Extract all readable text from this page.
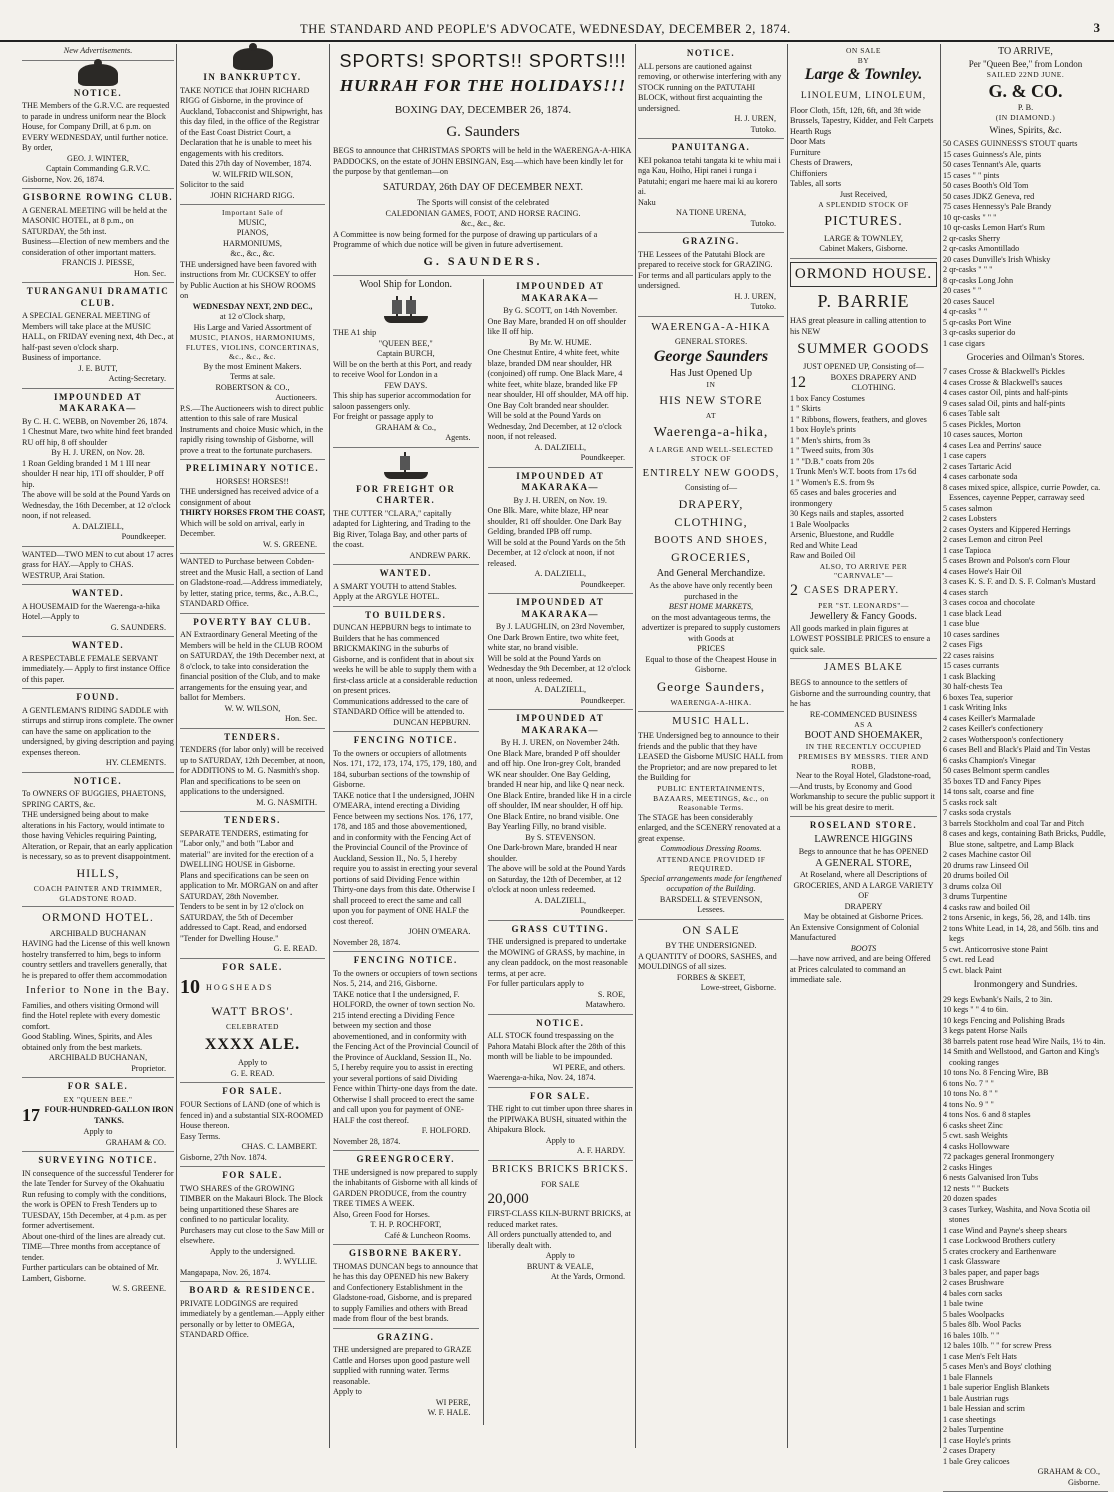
THE STANDARD AND PEOPLE'S ADVOCATE, WEDNESDAY, DECEMBER 2, 1874.	3
New Advertisements.
NOTICE.
THE Members of the G.R.V.C. are requested to parade in undress uniform near the Block House, for Company Drill, at 6 p.m. on EVERY WEDNESDAY, until further notice.
By order,
GEO. J. WINTER,
Captain Commanding G.R.V.C.
Gisborne, Nov. 26, 1874.
GISBORNE ROWING CLUB.
A GENERAL MEETING will be held at the MASONIC HOTEL, at 8 p.m., on SATURDAY, the 5th inst.
Business—Election of new members and the consideration of other important matters.
FRANCIS J. PIESSE,
Hon. Sec.
TURANGANUI DRAMATIC CLUB.
A SPECIAL GENERAL MEETING of Members will take place at the MUSIC HALL, on FRIDAY evening next, 4th Dec., at half-past seven o'clock sharp.
Business of importance.
J. E. BUTT,
Acting-Secretary.
IMPOUNDED AT MAKARAKA—
By C. H. C. WEBB, on November 26, 1874.
1 Chestnut Mare, two white hind feet branded RU off hip, 8 off shoulder
By H. J. UREN, on Nov. 28.
1 Roan Gelding branded 1 M 1 III near shoulder H near hip, 1TI off shoulder, P off hip.
The above will be sold at the Pound Yards on Wednesday, the 16th December, at 12 o'clock noon, if not released.
A. DALZIELL,
Poundkeeper.
WANTED—TWO MEN to cut about 17 acres grass for HAY.—Apply to CHAS. WESTRUP, Arai Station.
WANTED.
A HOUSEMAID for the Waerenga-a-hika Hotel.—Apply to
G. SAUNDERS.
WANTED.
A RESPECTABLE FEMALE SERVANT immediately.— Apply to first instance Office of this paper.
FOUND.
A GENTLEMAN'S RIDING SADDLE with stirrups and stirrup irons complete. The owner can have the same on application to the undersigned, by giving description and paying expenses thereon.
HY. CLEMENTS.
NOTICE.
To OWNERS OF BUGGIES, PHAETONS, SPRING CARTS, &c.
THE undersigned being about to make alterations in his Factory, would intimate to those having Vehicles requiring Painting, Alteration, or Repair, that an early application is necessary, so as to prevent disappointment.
HILLS,
COACH PAINTER AND TRIMMER, GLADSTONE ROAD.
ORMOND HOTEL.
ARCHIBALD BUCHANAN
HAVING had the License of this well known hostelry transferred to him, begs to inform country settlers and travellers generally, that he is prepared to offer them accommodation
Inferior to None in the Bay.
Families, and others visiting Ormond will find the Hotel replete with every domestic comfort.
Good Stabling. Wines, Spirits, and Ales obtained only from the best markets.
ARCHIBALD BUCHANAN,
Proprietor.
FOR SALE.
EX "QUEEN BEE."
17 FOUR-HUNDRED-GALLON IRON TANKS.
Apply to
GRAHAM & CO.
SURVEYING NOTICE.
IN consequence of the successful Tenderer for the late Tender for Survey of the Okahuatiu Run refusing to comply with the conditions, the work is OPEN to Fresh Tenders up to TUESDAY, 15th December, at 4 p.m. as per former advertisement.
About one-third of the lines are already cut.
TIME—Three months from acceptance of tender.
Further particulars can be obtained of Mr. Lambert, Gisborne.
W. S. GREENE.
IN BANKRUPTCY.
TAKE NOTICE that JOHN RICHARD RIGG of Gisborne, in the province of Auckland, Tobacconist and Shipwright, has this day filed, in the office of the Registrar of the East Coast District Court, a Declaration that he is unable to meet his engagements with his creditors.
Dated this 27th day of November, 1874.
W. WILFRID WILSON,
Solicitor to the said
JOHN RICHARD RIGG.
Important Sale of
MUSIC,
PIANOS,
HARMONIUMS,
&c., &c., &c.
THE undersigned have been favored with instructions from Mr. CUCKSEY to offer by Public Auction at his SHOW ROOMS on
WEDNESDAY NEXT, 2ND DEC.,
at 12 o'Clock sharp,
His Large and Varied Assortment of
MUSIC, PIANOS, HARMONIUMS, FLUTES, VIOLINS, CONCERTINAS, &c., &c., &c.
By the most Eminent Makers.
Terms at sale.
ROBERTSON & CO.,
Auctioneers.
P.S.—The Auctioneers wish to direct public attention to this sale of rare Musical Instruments and choice Music which, in the rapidly rising township of Gisborne, will prove a treat to the fortunate purchasers.
PRELIMINARY NOTICE.
HORSES! HORSES!!
THE undersigned has received advice of a consignment of about
THIRTY HORSES FROM THE COAST,
Which will be sold on arrival, early in December.
W. S. GREENE.
WANTED to Purchase between Cobden-street and the Music Hall, a section of Land on Gladstone-road.—Address immediately, by letter, stating price, terms, &c., A.B.C., STANDARD Office.
POVERTY BAY CLUB.
AN Extraordinary General Meeting of the Members will be held in the CLUB ROOM on SATURDAY, the 19th December next, at 8 o'clock, to take into consideration the financial position of the Club, and to make arrangements for the ensuing year, and ballot for Members.
W. W. WILSON,
Hon. Sec.
TENDERS.
TENDERS (for labor only) will be received up to SATURDAY, 12th December, at noon, for ADDITIONS to M. G. Nasmith's shop.
Plan and specifications to be seen on applications to the undersigned.
M. G. NASMITH.
TENDERS.
SEPARATE TENDERS, estimating for "Labor only," and both "Labor and material" are invited for the erection of a DWELLING HOUSE in Gisborne.
Plans and specifications can be seen on application to Mr. MORGAN on and after SATURDAY, 28th November.
Tenders to be sent in by 12 o'clock on SATURDAY, the 5th of December addressed to Capt. Read, and endorsed "Tender for Dwelling House."
G. E. READ.
FOR SALE.
10 HOGSHEADS
WATT BROS'.
CELEBRATED
XXXX ALE.
Apply to
G. E. READ.
FOR SALE.
FOUR Sections of LAND (one of which is fenced in) and a substantial SIX-ROOMED House thereon.
Easy Terms.
CHAS. C. LAMBERT.
Gisborne, 27th Nov. 1874.
FOR SALE.
TWO SHARES of the GROWING TIMBER on the Makauri Block. The Block being unpartitioned these Shares are confined to no particular locality. Purchasers may cut close to the Saw Mill or elsewhere.
Apply to the undersigned.
J. WYLLIE.
Mangapapa, Nov. 26, 1874.
BOARD & RESIDENCE.
PRIVATE LODGINGS are required immediately by a gentleman.—Apply either personally or by letter to OMEGA, STANDARD Office.
SPORTS! SPORTS!! SPORTS!!!
HURRAH FOR THE HOLIDAYS!!!
BOXING DAY, DECEMBER 26, 1874.
G. Saunders
BEGS to announce that CHRISTMAS SPORTS will be held in the WAERENGA-A-HIKA PADDOCKS, on the estate of JOHN EBSINGAN, Esq.—which have been kindly let for the purpose by that gentleman—on
SATURDAY, 26th DAY OF DECEMBER NEXT.
The Sports will consist of the celebrated
CALEDONIAN GAMES, FOOT, AND HORSE RACING.
&c., &c., &c.
A Committee is now being formed for the purpose of drawing up particulars of a Programme of which due notice will be given in future advertisement.
G. SAUNDERS.
Wool Ship for London.
THE A1 ship
"QUEEN BEE,"
Captain BURCH,
Will be on the berth at this Port, and ready to receive Wool for London in a
FEW DAYS.
This ship has superior accommodation for saloon passengers only.
For freight or passage apply to
GRAHAM & Co.,
Agents.
FOR FREIGHT OR CHARTER.
THE CUTTER "CLARA," capitally adapted for Lightering, and Trading to the Big River, Tolaga Bay, and other parts of the coast.
ANDREW PARK.
WANTED.
A SMART YOUTH to attend Stables. Apply at the ARGYLE HOTEL.
TO BUILDERS.
DUNCAN HEPBURN begs to intimate to Builders that he has commenced BRICKMAKING in the suburbs of Gisborne, and is confident that in about six weeks he will be able to supply them with a first-class article at a considerable reduction on present prices.
Communications addressed to the care of STANDARD Office will be attended to.
DUNCAN HEPBURN.
FENCING NOTICE.
To the owners or occupiers of allotments Nos. 171, 172, 173, 174, 175, 179, 180, and 184, suburban sections of the township of Gisborne.
TAKE notice that I the undersigned, JOHN O'MEARA, intend erecting a Dividing Fence between my sections Nos. 176, 177, 178, and 185 and those abovementioned, and in conformity with the Fencing Act of the Provincial Council of the Province of Auckland, Session II., No. 5, I hereby require you to assist in erecting your several portions of said Dividing Fence within Thirty-one days from this date. Otherwise I shall proceed to erect the same and call upon you for payment of ONE HALF the cost thereof.
JOHN O'MEARA.
November 28, 1874.
FENCING NOTICE.
To the owners or occupiers of town sections Nos. 5, 214, and 216, Gisborne.
TAKE notice that I the undersigned, F. HOLFORD, the owner of town section No. 215 intend erecting a Dividing Fence between my section and those abovementioned, and in conformity with the Fencing Act of the Provincial Council of the Province of Auckland, Session II., No. 5, I hereby require you to assist in erecting your several portions of said Dividing Fence within Thirty-one days from the date. Otherwise I shall proceed to erect the same and call upon you for payment of ONE-HALF the cost thereof.
F. HOLFORD.
November 28, 1874.
GREENGROCERY.
THE undersigned is now prepared to supply the inhabitants of Gisborne with all kinds of GARDEN PRODUCE, from the country TREE TIMES A WEEK.
Also, Green Food for Horses.
T. H. P. ROCHFORT,
Café & Luncheon Rooms.
GISBORNE BAKERY.
THOMAS DUNCAN begs to announce that he has this day OPENED his new Bakery and Confectionery Establishment in the Gladstone-road, Gisborne, and is prepared to supply Families and others with Bread made from flour of the best brands.
GRAZING.
THE undersigned are prepared to GRAZE Cattle and Horses upon good pasture well supplied with running water. Terms reasonable.
Apply to
WI PERE,
W. F. HALE.
IMPOUNDED AT MAKARAKA—
By G. SCOTT, on 14th November.
One Bay Mare, branded H on off shoulder like II off hip.
By Mr. W. HUME.
One Chestnut Entire, 4 white feet, white blaze, branded DM near shoulder, HR (conjoined) off rump. One Black Mare, 4 white feet, white blaze, branded like FP near shoulder, HI off shoulder, MA off hip. One Bay Colt branded near shoulder.
Will be sold at the Pound Yards on Wednesday, 2nd December, at 12 o'clock noon, if not released.
A. DALZIELL,
Poundkeeper.
IMPOUNDED AT MAKARAKA—
By J. H. UREN, on Nov. 19.
One Blk. Mare, white blaze, HP near shoulder, R1 off shoulder. One Dark Bay Gelding, branded IPB off rump.
Will be sold at the Pound Yards on the 5th December, at 12 o'clock at noon, if not released.
A. DALZIELL,
Poundkeeper.
IMPOUNDED AT MAKARAKA—
By J. LAUGHLIN, on 23rd November,
One Dark Brown Entire, two white feet, white star, no brand visible.
Will be sold at the Pound Yards on Wednesday the 9th December, at 12 o'clock at noon, unless redeemed.
A. DALZIELL,
Poundkeeper.
IMPOUNDED AT MAKARAKA—
By H. J. UREN, on November 24th.
One Black Mare, branded P off shoulder and off hip. One Iron-grey Colt, branded WK near shoulder. One Bay Gelding, branded H near hip, and like Q near neck. One Black Entire, branded like H in a circle off shoulder, IM near shoulder, H off hip. One Black Entire, no brand visible. One Bay Yearling Filly, no brand visible.
By S. STEVENSON.
One Dark-brown Mare, branded H near shoulder.
The above will be sold at the Pound Yards on Saturday, the 12th of December, at 12 o'clock at noon unless redeemed.
A. DALZIELL,
Poundkeeper.
GRASS CUTTING.
THE undersigned is prepared to undertake the MOWING of GRASS, by machine, in any clean paddock, on the most reasonable terms, at per acre.
For fuller particulars apply to
S. ROE,
Matawhero.
NOTICE.
ALL STOCK found trespassing on the Pahora Matahi Block after the 28th of this month will be liable to be impounded.
WI PERE, and others.
Waerenga-a-hika, Nov. 24, 1874.
FOR SALE.
THE right to cut timber upon three shares in the PIPIWAKA BUSH, situated within the Ahipakura Block.
Apply to
A. F. HARDY.
BRICKS BRICKS BRICKS.
FOR SALE
20,000
FIRST-CLASS KILN-BURNT BRICKS, at reduced market rates.
All orders punctually attended to, and liberally dealt with.
Apply to
BRUNT & VEALE,
At the Yards, Ormond.
NOTICE.
ALL persons are cautioned against removing, or otherwise interfering with any STOCK running on the PATUTAHI BLOCK, without first acquainting the undersigned.
H. J. UREN,
Tutoko.
PANUITANGA.
KEI pokanoa tetahi tangata ki te whiu mai i nga Kau, Hoiho, Hipi ranei i runga i Patutahi; engari me haere mai ki au korero ai.
Naku
NA TIONE URENA,
Tutoko.
GRAZING.
THE Lessees of the Patutahi Block are prepared to receive stock for GRAZING. For terms and all particulars apply to the undersigned.
H. J. UREN,
Tutoko.
WAERENGA-A-HIKA
GENERAL STORES.
George Saunders
Has Just Opened Up
IN
HIS NEW STORE
AT
Waerenga-a-hika,
A LARGE AND WELL-SELECTED
STOCK OF
ENTIRELY NEW GOODS,
Consisting of—
DRAPERY,
CLOTHING,
BOOTS AND SHOES,
GROCERIES,
And General Merchandize.
As the above have only recently been purchased in the
BEST HOME MARKETS,
on the most advantageous terms, the advertizer is prepared to supply customers with Goods at
PRICES
Equal to those of the Cheapest House in Gisborne.
George Saunders,
WAERENGA-A-HIKA.
MUSIC HALL.
THE Undersigned beg to announce to their friends and the public that they have LEASED the Gisborne MUSIC HALL from the Proprietor; and are now prepared to let the Building for
PUBLIC ENTERTAINMENTS, BAZAARS, MEETINGS, &c., on Reasonable Terms.
The STAGE has been considerably enlarged, and the SCENERY renovated at a great expense.
Commodious Dressing Rooms.
ATTENDANCE PROVIDED IF REQUIRED.
Special arrangements made for lengthened occupation of the Building.
BARSDELL & STEVENSON,
Lessees.
ON SALE
BY THE UNDERSIGNED.
A QUANTITY of DOORS, SASHES, and MOULDINGS of all sizes.
FORBES & SKEET,
Lowe-street, Gisborne.
ON SALE
BY
Large & Townley.
LINOLEUM, LINOLEUM,
Floor Cloth, 15ft, 12ft, 6ft, and 3ft wide
Brussels, Tapestry, Kidder, and Felt Carpets
Hearth Rugs
Door Mats
Furniture
Chests of Drawers,
Chiffoniers
Tables, all sorts
Just Received,
A SPLENDID STOCK OF
PICTURES.
LARGE & TOWNLEY,
Cabinet Makers, Gisborne.
ORMOND HOUSE.
P. BARRIE
HAS great pleasure in calling attention to his NEW
SUMMER GOODS
JUST OPENED UP, Consisting of—
12	BOXES DRAPERY AND CLOTHING.
1 box Fancy Costumes
1 " Skirts
1 " Ribbons, flowers, feathers, and gloves
1 box Hoyle's prints
1 " Men's shirts, from 3s
1 " Tweed suits, from 30s
1 " "D.B." coats from 20s
1 Trunk Men's W.T. boots from 17s 6d
1 " Women's E.S. from 9s
65 cases and bales groceries and ironmongery
30 Kegs nails and staples, assorted
1 Bale Woolpacks
Arsenic, Bluestone, and Ruddle
Red and White Lead
Raw and Boiled Oil
ALSO, TO ARRIVE PER "CARNVALE"—
2 CASES DRAPERY.
PER "ST. LEONARDS"—
Jewellery & Fancy Goods.
All goods marked in plain figures at LOWEST POSSIBLE PRICES to ensure a quick sale.
JAMES BLAKE
BEGS to announce to the settlers of Gisborne and the surrounding country, that he has
RE-COMMENCED BUSINESS
AS A
BOOT AND SHOEMAKER,
IN THE RECENTLY OCCUPIED PREMISES BY MESSRS. TIER AND ROBB,
Near to the Royal Hotel, Gladstone-road,
—And trusts, by Economy and Good Workmanship to secure the public support it will be his great desire to merit.
ROSELAND STORE.
LAWRENCE HIGGINS
Begs to announce that he has OPENED
A GENERAL STORE,
At Roseland, where all Descriptions of GROCERIES, AND A LARGE VARIETY OF
DRAPERY
May be obtained at Gisborne Prices.
An Extensive Consignment of Colonial Manufactured
BOOTS
—have now arrived, and are being Offered at Prices calculated to command an immediate sale.
TO ARRIVE,
Per "Queen Bee," from London
SAILED 22ND JUNE.
G. & CO.
P. B.
(IN DIAMOND.)
Wines, Spirits, &c.
50 CASES GUINNESS'S STOUT quarts
15 cases Guinness's Ale, pints
50 cases Tennant's Ale, quarts
15 cases " " pints
50 cases Booth's Old Tom
50 cases JDKZ Geneva, red
75 cases Hennessy's Pale Brandy
10 qr-casks " " "
10 qr-casks Lemon Hart's Rum
2 qr-casks Sherry
2 qr-casks Amontillado
20 cases Dunville's Irish Whisky
2 qr-casks " " "
8 qr-casks Long John
20 cases " "
20 cases Saucel
4 qr-casks " "
5 qr-casks Port Wine
3 qr-casks superior do
1 case cigars
Groceries and Oilman's Stores.
7 cases Crosse & Blackwell's Pickles
4 cases Crosse & Blackwell's sauces
4 cases castor Oil, pints and half-pints
9 cases salad Oil, pints and half-pints
6 cases Table salt
5 cases Pickles, Morton
10 cases sauces, Morton
4 cases Lea and Perrins' sauce
1 case capers
2 cases Tartaric Acid
4 cases carbonate soda
8 cases mixed spice, allspice, currie Powder, ca. Essences, cayenne Pepper, carraway seed
5 cases salmon
2 cases Lobsters
2 cases Oysters and Kippered Herrings
2 cases Lemon and citron Peel
1 case Tapioca
5 cases Brown and Polson's corn Flour
4 cases Howe's Hair Oil
3 cases K. S. F. and D. S. F. Colman's Mustard
4 cases starch
3 cases cocoa and chocolate
1 case black Lead
1 case blue
10 cases sardines
2 cases Figs
22 cases raisins
15 cases currants
1 cask Blacking
30 half-chests Tea
6 boxes Tea, superior
1 cask Writing Inks
4 cases Keiller's Marmalade
2 cases Keiller's confectionery
2 cases Wotherspoon's confectionery
6 cases Bell and Black's Plaid and Tin Vestas
6 casks Champion's Vinegar
50 cases Belmont sperm candles
35 boxes TD and Fancy Pipes
14 tons salt, coarse and fine
5 casks rock salt
7 casks soda crystals
3 barrels Stockholm and coal Tar and Pitch
8 cases and kegs, containing Bath Bricks, Puddle, Blue stone, saltpetre, and Lamp Black
2 cases Machine castor Oil
20 drums raw Linseed Oil
20 drums boiled Oil
3 drums colza Oil
3 drums Turpentine
4 casks raw and boiled Oil
2 tons Arsenic, in kegs, 56, 28, and 14lb. tins
2 tons White Lead, in 14, 28, and 56lb. tins and kegs
5 cwt. Anticorrosive stone Paint
5 cwt. red Lead
5 cwt. black Paint
Ironmongery and Sundries.
29 kegs Ewbank's Nails, 2 to 3in.
10 kegs " " 4 to 6in.
10 kegs Fencing and Polishing Brads
3 kegs patent Horse Nails
38 barrels patent rose head Wire Nails, 1½ to 4in.
14 Smith and Wellstood, and Garton and King's cooking ranges
10 tons No. 8 Fencing Wire, BB
6 tons No. 7 " "
10 tons No. 8 " "
4 tons No. 9 " "
4 tons Nos. 6 and 8 staples
6 casks sheet Zinc
5 cwt. sash Weights
4 casks Hollowware
72 packages general Ironmongery
2 casks Hinges
6 nests Galvanised Iron Tubs
12 nests " " Buckets
20 dozen spades
3 cases Turkey, Washita, and Nova Scotia oil stones
1 case Wind and Payne's sheep shears
1 case Lockwood Brothers cutlery
5 crates crockery and Earthenware
1 cask Glassware
3 bales paper, and paper bags
2 cases Brushware
4 bales corn sacks
1 bale twine
5 bales Woolpacks
5 bales 8lb. Wool Packs
16 bales 10lb. " "
12 bales 10lb. " " for screw Press
1 case Men's Felt Hats
5 cases Men's and Boys' clothing
1 bale Flannels
1 bale superior English Blankets
1 bale Austrian rugs
1 bale Hessian and scrim
1 case sheetings
2 bales Turpentine
1 case Hoyle's prints
2 cases Drapery
1 bale Grey calicoes
GRAHAM & CO.,
Gisborne.
